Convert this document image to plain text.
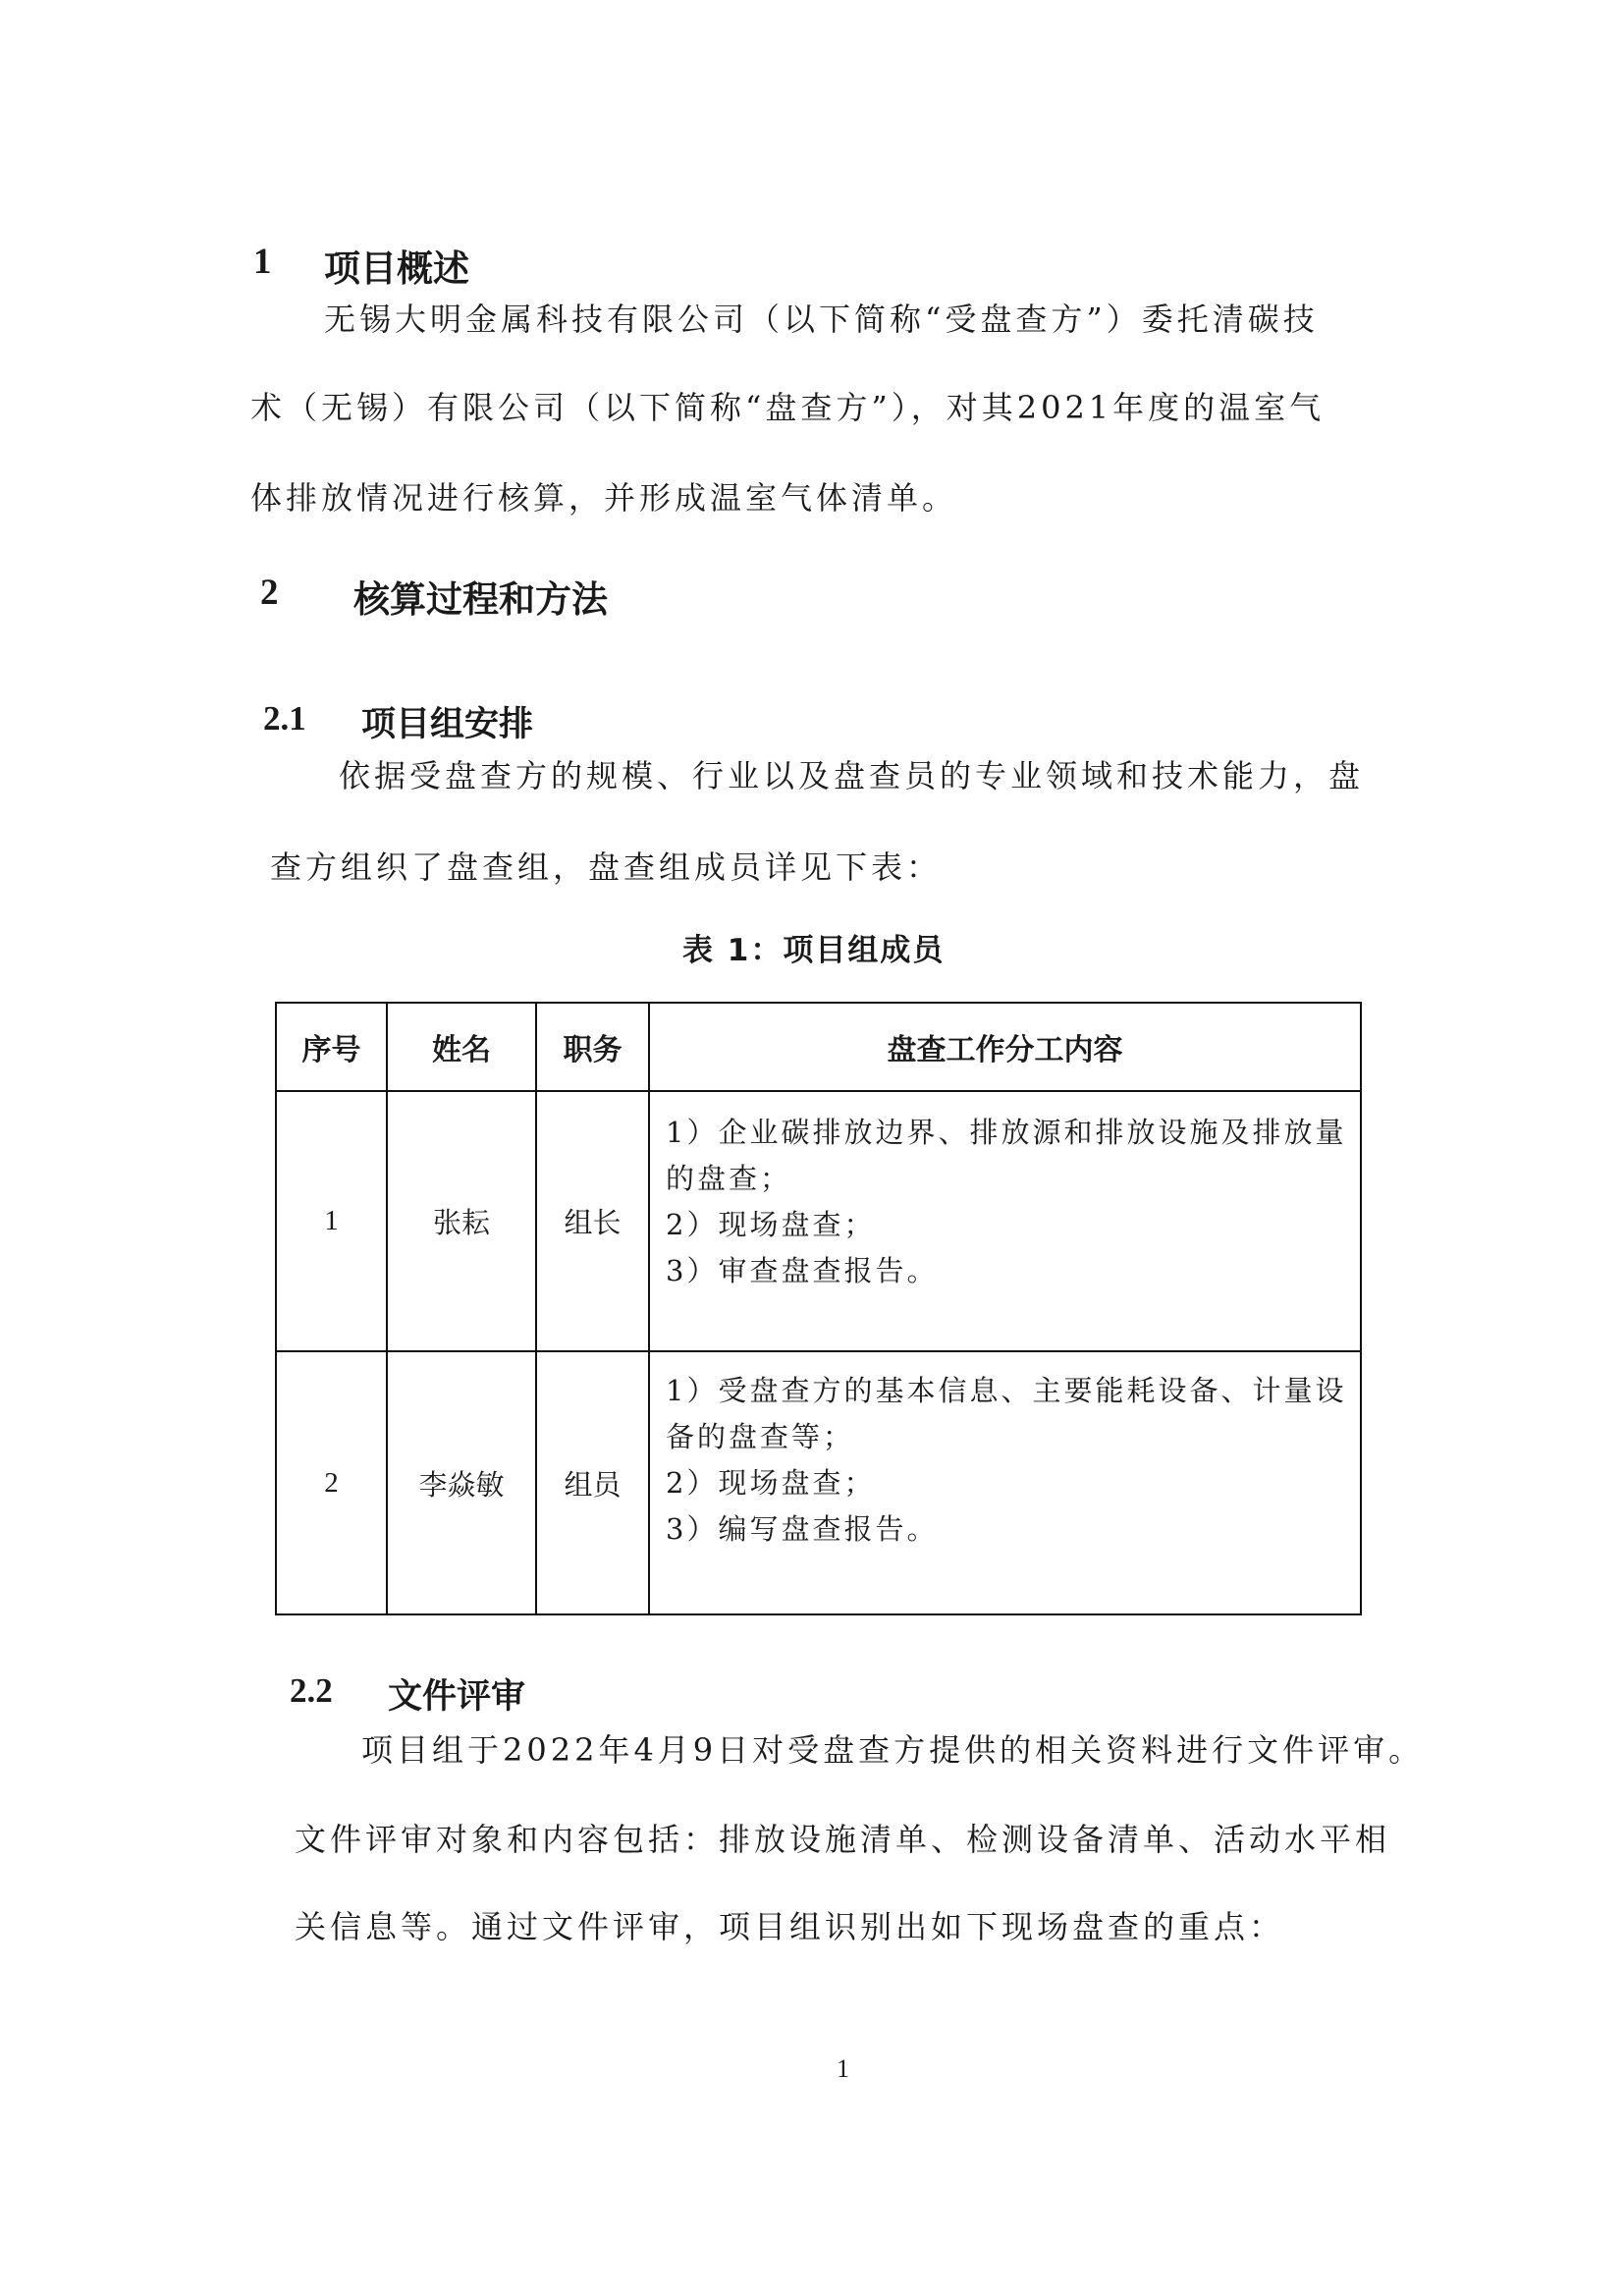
1 项目概述
无锡大明金属科技有限公司（以下简称“受盘查方”）委托清碳技
术（无锡）有限公司（以下简称“盘查方”），对其2021年度的温室气
体排放情况进行核算，并形成温室气体清单。
2 核算过程和方法
2.1 项目组安排
依据受盘查方的规模、行业以及盘查员的专业领域和技术能力，盘
查方组织了盘查组，盘查组成员详见下表：
表 1：项目组成员
序号	姓名	职务	盘查工作分工内容
1	张耘	组长
1）企业碳排放边界、排放源和排放设施及排放量
的盘查；
2）现场盘查；
3）审查盘查报告。
2	李焱敏	组员
1）受盘查方的基本信息、主要能耗设备、计量设
备的盘查等；
2）现场盘查；
3）编写盘查报告。
2.2 文件评审
项目组于2022年4月9日对受盘查方提供的相关资料进行文件评审。
文件评审对象和内容包括：排放设施清单、检测设备清单、活动水平相
关信息等。通过文件评审，项目组识别出如下现场盘查的重点：
1
